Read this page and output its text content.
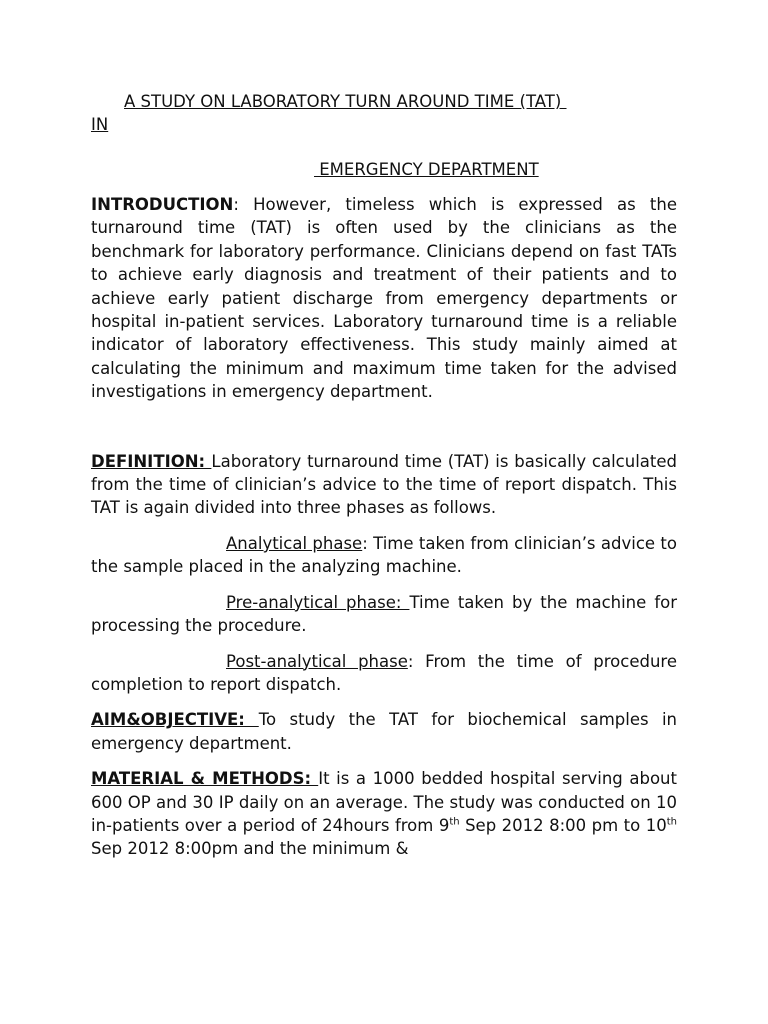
A STUDY ON LABORATORY TURN AROUND TIME (TAT)

IN

EMERGENCY DEPARTMENT

INTRODUCTION: However, timeless which is expressed as the turnaround time (TAT) is often used by the clinicians as the benchmark for laboratory performance. Clinicians depend on fast TATs to achieve early diagnosis and treatment of their patients and to achieve early patient discharge from emergency departments or hospital in-patient services. Laboratory turnaround time is a reliable indicator of laboratory effectiveness. This study mainly aimed at calculating the minimum and maximum time taken for the advised investigations in emergency department.

DEFINITION: Laboratory turnaround time (TAT) is basically calculated from the time of clinician’s advice to the time of report dispatch. This TAT is again divided into three phases as follows.

Analytical phase: Time taken from clinician’s advice to the sample placed in the analyzing machine.

Pre-analytical phase: Time taken by the machine for processing the procedure.

Post-analytical phase: From the time of procedure completion to report dispatch.

AIM&OBJECTIVE: To study the TAT for biochemical samples in emergency department.

MATERIAL & METHODS: It is a 1000 bedded hospital serving about 600 OP and 30 IP daily on an average. The study was conducted on 10 in-patients over a period of 24hours from 9th Sep 2012 8:00 pm to 10th Sep 2012 8:00pm and the minimum &
